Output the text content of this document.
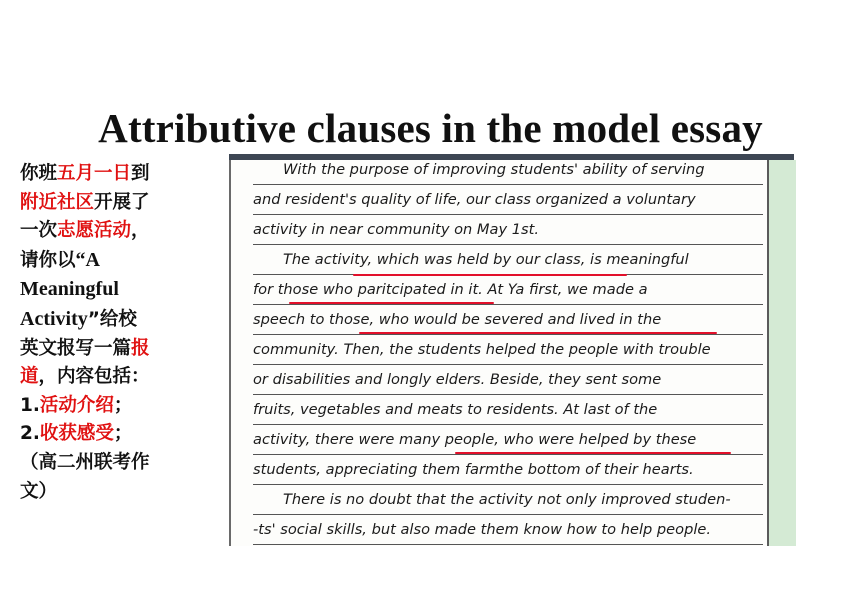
Attributive clauses in the model essay
你班五月一日到
附近社区开展了
一次志愿活动，
请你以“A
Meaningful
Activity”给校
英文报写一篇报
道，内容包括：
1.活动介绍；
2.收获感受；
（高二州联考作
文）
With the purpose of improving students' ability of serving
and resident's quality of life, our class organized a voluntary
activity in near community on May 1st.
The activity, which was held by our class, is meaningful
for those who paritcipated in it. At Ya first, we made a
speech to those, who would be severed and lived in the
community. Then, the students helped the people with trouble
or disabilities and longly elders. Beside, they sent some
fruits, vegetables and meats to residents. At last of the
activity, there were many people, who were helped by these
students, appreciating them farmthe bottom of their hearts.
There is no doubt that the activity not only improved studen-
-ts' social skills, but also made them know how to help people.
